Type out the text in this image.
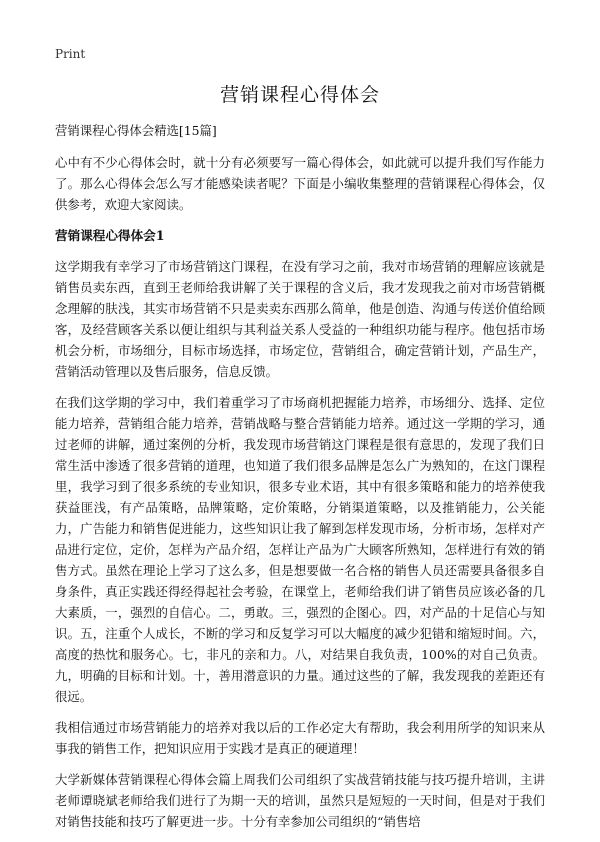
Print
营销课程心得体会
营销课程心得体会精选[15篇]

心中有不少心得体会时，就十分有必须要写一篇心得体会，如此就可以提升我们写作能力了。那么心得体会怎么写才能感染读者呢？下面是小编收集整理的营销课程心得体会，仅供参考，欢迎大家阅读。

营销课程心得体会1

这学期我有幸学习了市场营销这门课程，在没有学习之前，我对市场营销的理解应该就是销售员卖东西，直到王老师给我讲解了关于课程的含义后，我才发现我之前对市场营销概念理解的肤浅，其实市场营销不只是卖卖东西那么简单，他是创造、沟通与传送价值给顾客，及经营顾客关系以便让组织与其利益关系人受益的一种组织功能与程序。他包括市场机会分析，市场细分，目标市场选择，市场定位，营销组合，确定营销计划，产品生产，营销活动管理以及售后服务，信息反馈。

在我们这学期的学习中，我们着重学习了市场商机把握能力培养，市场细分、选择、定位能力培养，营销组合能力培养，营销战略与整合营销能力培养。通过这一学期的学习，通过老师的讲解，通过案例的分析，我发现市场营销这门课程是很有意思的，发现了我们日常生活中渗透了很多营销的道理，也知道了我们很多品牌是怎么广为熟知的，在这门课程里，我学习到了很多系统的专业知识，很多专业术语，其中有很多策略和能力的培养使我获益匪浅，有产品策略，品牌策略，定价策略，分销渠道策略，以及推销能力，公关能力，广告能力和销售促进能力，这些知识让我了解到怎样发现市场，分析市场，怎样对产品进行定位，定价，怎样为产品介绍，怎样让产品为广大顾客所熟知，怎样进行有效的销售方式。虽然在理论上学习了这么多，但是想要做一名合格的销售人员还需要具备很多自身条件，真正实践还得经得起社会考验，在课堂上，老师给我们讲了销售员应该必备的几大素质，一，强烈的自信心。二，勇敢。三，强烈的企图心。四，对产品的十足信心与知识。五，注重个人成长，不断的学习和反复学习可以大幅度的减少犯错和缩短时间。六，高度的热忱和服务心。七，非凡的亲和力。八，对结果自我负责，100%的对自己负责。九，明确的目标和计划。十，善用潜意识的力量。通过这些的了解，我发现我的差距还有很远。

我相信通过市场营销能力的培养对我以后的工作必定大有帮助，我会利用所学的知识来从事我的销售工作，把知识应用于实践才是真正的硬道理！

大学新媒体营销课程心得体会篇上周我们公司组织了实战营销技能与技巧提升培训，主讲老师谭晓斌老师给我们进行了为期一天的培训，虽然只是短短的一天时间，但是对于我们对销售技能和技巧了解更进一步。十分有幸参加公司组织的“销售培
